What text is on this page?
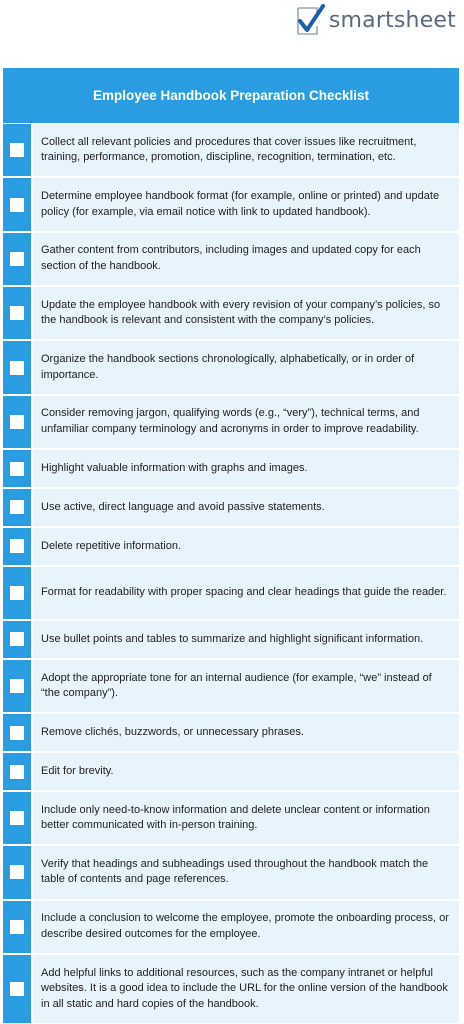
smartsheet
Employee Handbook Preparation Checklist
Collect all relevant policies and procedures that cover issues like recruitment, training, performance, promotion, discipline, recognition, termination, etc.
Determine employee handbook format (for example, online or printed) and update policy (for example, via email notice with link to updated handbook).
Gather content from contributors, including images and updated copy for each section of the handbook.
Update the employee handbook with every revision of your company’s policies, so the handbook is relevant and consistent with the company’s policies.
Organize the handbook sections chronologically, alphabetically, or in order of importance.
Consider removing jargon, qualifying words (e.g., “very”), technical terms, and unfamiliar company terminology and acronyms in order to improve readability.
Highlight valuable information with graphs and images.
Use active, direct language and avoid passive statements.
Delete repetitive information.
Format for readability with proper spacing and clear headings that guide the reader.
Use bullet points and tables to summarize and highlight significant information.
Adopt the appropriate tone for an internal audience (for example, “we” instead of “the company”).
Remove clichés, buzzwords, or unnecessary phrases.
Edit for brevity.
Include only need-to-know information and delete unclear content or information better communicated with in-person training.
Verify that headings and subheadings used throughout the handbook match the table of contents and page references.
Include a conclusion to welcome the employee, promote the onboarding process, or describe desired outcomes for the employee.
Add helpful links to additional resources, such as the company intranet or helpful websites. It is a good idea to include the URL for the online version of the handbook in all static and hard copies of the handbook.
